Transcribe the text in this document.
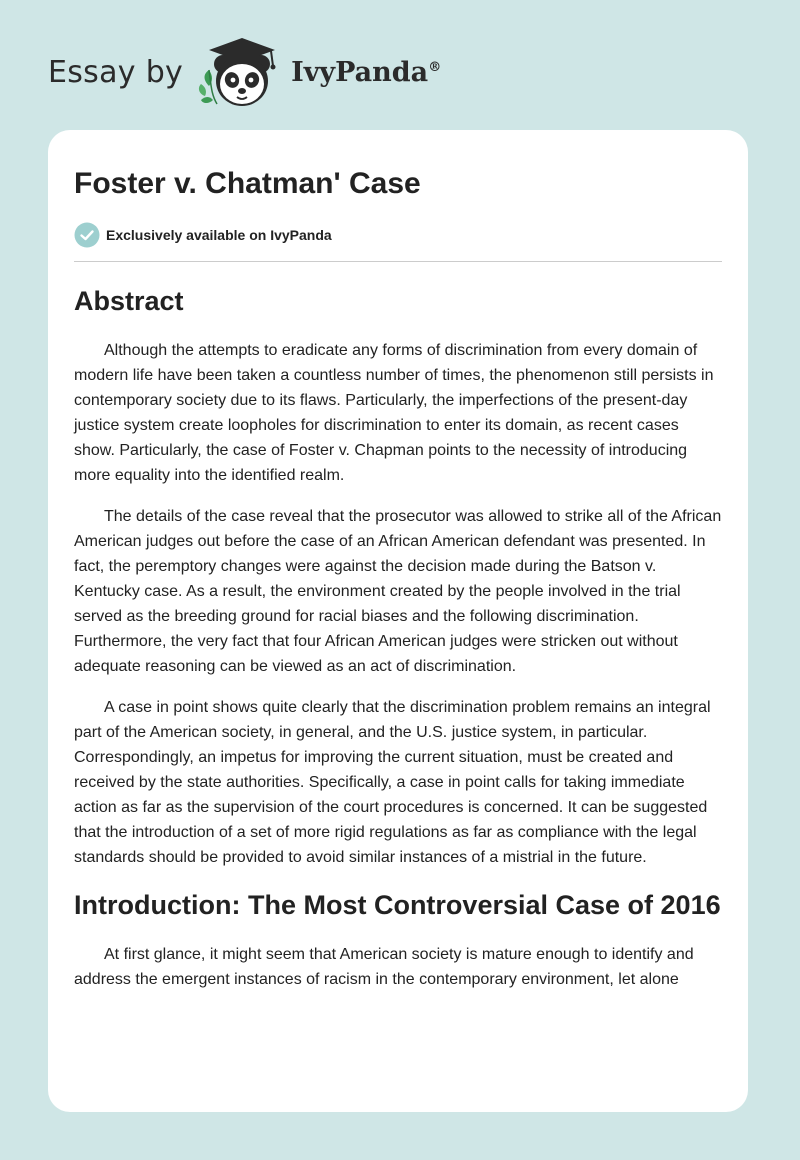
Essay by	IvyPanda®
Foster v. Chatman' Case
Exclusively available on IvyPanda
Abstract

Although the attempts to eradicate any forms of discrimination from every domain of modern life have been taken a countless number of times, the phenomenon still persists in contemporary society due to its flaws. Particularly, the imperfections of the present-day justice system create loopholes for discrimination to enter its domain, as recent cases show. Particularly, the case of Foster v. Chapman points to the necessity of introducing more equality into the identified realm.

The details of the case reveal that the prosecutor was allowed to strike all of the African American judges out before the case of an African American defendant was presented. In fact, the peremptory changes were against the decision made during the Batson v. Kentucky case. As a result, the environment created by the people involved in the trial served as the breeding ground for racial biases and the following discrimination. Furthermore, the very fact that four African American judges were stricken out without adequate reasoning can be viewed as an act of discrimination.

A case in point shows quite clearly that the discrimination problem remains an integral part of the American society, in general, and the U.S. justice system, in particular. Correspondingly, an impetus for improving the current situation, must be created and received by the state authorities. Specifically, a case in point calls for taking immediate action as far as the supervision of the court procedures is concerned. It can be suggested that the introduction of a set of more rigid regulations as far as compliance with the legal standards should be provided to avoid similar instances of a mistrial in the future.

Introduction: The Most Controversial Case of 2016

At first glance, it might seem that American society is mature enough to identify and address the emergent instances of racism in the contemporary environment, let alone
